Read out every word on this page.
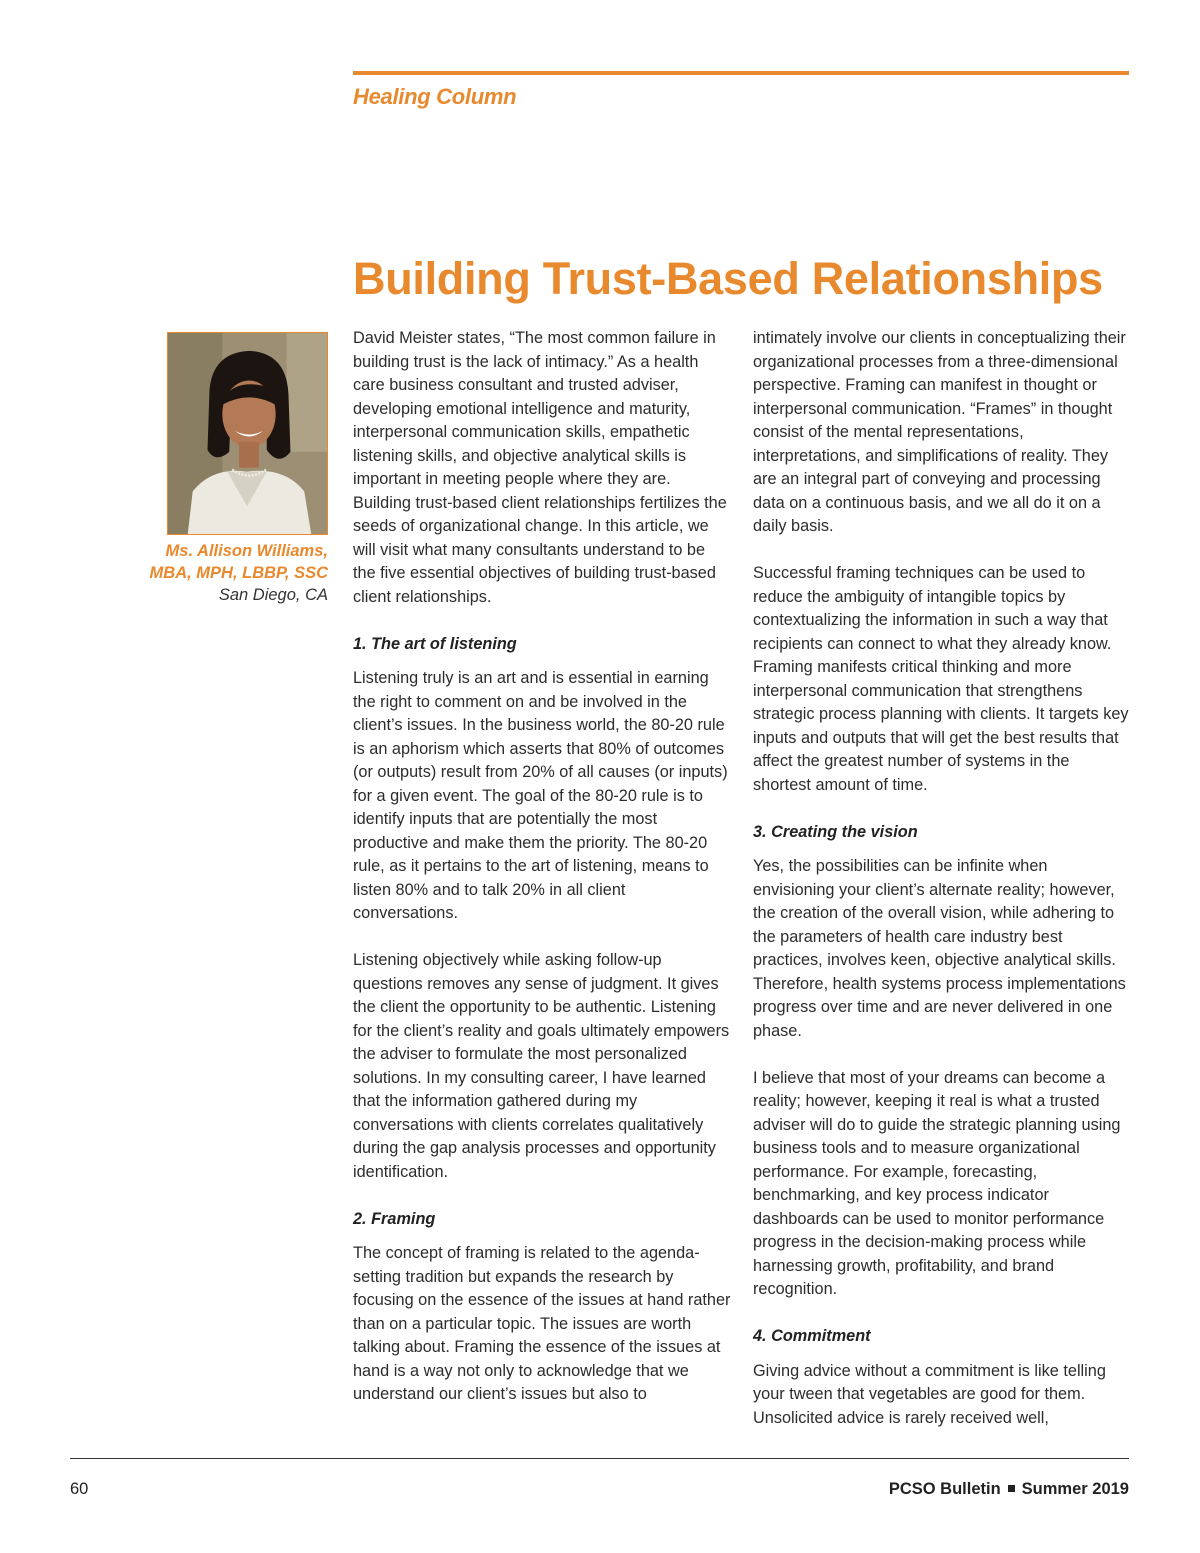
Healing Column
Building Trust-Based Relationships
Ms. Allison Williams,
MBA, MPH, LBBP, SSC
San Diego, CA

David Meister states, “The most common failure in building trust is the lack of intimacy.” As a health care business consultant and trusted adviser, developing emotional intelligence and maturity, interpersonal communication skills, empathetic listening skills, and objective analytical skills is important in meeting people where they are. Building trust-based client relationships fertilizes the seeds of organizational change. In this article, we will visit what many consultants understand to be the five essential objectives of building trust-based client relationships.

1. The art of listening

Listening truly is an art and is essential in earning the right to comment on and be involved in the client’s issues. In the business world, the 80-20 rule is an aphorism which asserts that 80% of outcomes (or outputs) result from 20% of all causes (or inputs) for a given event. The goal of the 80-20 rule is to identify inputs that are potentially the most productive and make them the priority. The 80-20 rule, as it pertains to the art of listening, means to listen 80% and to talk 20% in all client conversations.

Listening objectively while asking follow-up questions removes any sense of judgment. It gives the client the opportunity to be authentic. Listening for the client’s reality and goals ultimately empowers the adviser to formulate the most personalized solutions. In my consulting career, I have learned that the information gathered during my conversations with clients correlates qualitatively during the gap analysis processes and opportunity identification.

2. Framing

The concept of framing is related to the agenda-setting tradition but expands the research by focusing on the essence of the issues at hand rather than on a particular topic. The issues are worth talking about. Framing the essence of the issues at hand is a way not only to acknowledge that we understand our client’s issues but also to

intimately involve our clients in conceptualizing their organizational processes from a three-dimensional perspective. Framing can manifest in thought or interpersonal communication. “Frames” in thought consist of the mental representations, interpretations, and simplifications of reality. They are an integral part of conveying and processing data on a continuous basis, and we all do it on a daily basis.

Successful framing techniques can be used to reduce the ambiguity of intangible topics by contextualizing the information in such a way that recipients can connect to what they already know. Framing manifests critical thinking and more interpersonal communication that strengthens strategic process planning with clients. It targets key inputs and outputs that will get the best results that affect the greatest number of systems in the shortest amount of time.

3. Creating the vision

Yes, the possibilities can be infinite when envisioning your client’s alternate reality; however, the creation of the overall vision, while adhering to the parameters of health care industry best practices, involves keen, objective analytical skills. Therefore, health systems process implementations progress over time and are never delivered in one phase.

I believe that most of your dreams can become a reality; however, keeping it real is what a trusted adviser will do to guide the strategic planning using business tools and to measure organizational performance. For example, forecasting, benchmarking, and key process indicator dashboards can be used to monitor performance progress in the decision-making process while harnessing growth, profitability, and brand recognition.

4. Commitment

Giving advice without a commitment is like telling your tween that vegetables are good for them. Unsolicited advice is rarely received well,

60	PCSO Bulletin Summer 2019
